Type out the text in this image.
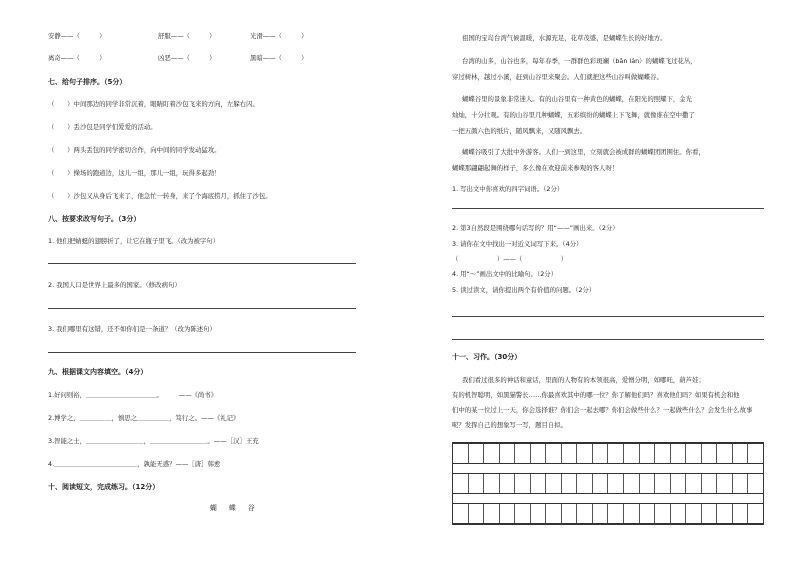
安静——（　　　）	舒服——（　　　）	光滑——（　　　）
离奇——（　　　）	凶恶——（　　　）	黑暗——（　　　）
七、给句子排序。（5分）
（　　）中间那边的同学非常沉着，眼睛盯着沙包飞来的方向，左躲右闪。
（　　）丢沙包是同学们爱爱的活动。
（　　）两头丢包的同学密切合作，向中间的同学发动猛攻。
（　　）操场的跑道边，这儿一组，那儿一组，玩得多起劲！
（　　）沙包又从身后飞来了，他急忙一转身，来了个海底捞月，抓住了沙包。
八、按要求改写句子。（3分）
1. 他们把蜻蜓的翅膀折了，让它在瓶子里飞。（改为被字句）
2. 我国人口是世界上最多的国家。（修改病句）
3. 我们哪里有这错，还不如你们是一条道？（改为陈述句）
九、根据课文内容填空。（4分）
1.好问则裕，＿＿＿＿＿＿＿＿＿＿＿。　　　——《尚书》
2.博学之，＿＿＿＿＿，慎思之＿＿＿＿＿，笃行之。——《礼记》
3.智能之士，＿＿＿＿＿＿＿＿＿，＿＿＿＿＿＿＿＿＿。——［汉］王充
4.＿＿＿＿＿＿＿＿＿＿＿＿＿，孰能无惑？——［唐］韩愈
十、阅读短文，完成练习。（12分）
蝴 蝶 谷
祖国的宝岛台湾气候温暖，水源充足，花草茂盛，是蝴蝶生长的好地方。
台湾的山多，山谷也多，每年春季，一群群色彩斑斓（bān lán）的蝴蝶飞过花丛，
穿过树林，越过小溪，赶到山谷里来聚会。人们就把这些山谷叫做蝴蝶谷。
蝴蝶谷里的景象非常迷人。有的山谷里有一种黄色的蝴蝶，在阳光的照耀下，金光
灿灿，十分壮观。有的山谷里几种蝴蝶，五彩缤纷的蝴蝶上下飞舞，就像谁在空中撒了
一把五颜六色的纸片，随风飘来，又随风飘去。
蝴蝶谷吸引了大批中外游客。人们一到这里，立刻就会被成群的蝴蝶团团围住。你看，
蝴蝶那翩翩起舞的样子，多么像在欢迎前来参观的客人呀！
1. 写出文中你喜欢的四字词语。（2分）
2. 第3自然段是围绕哪句话写的？用“——”画出来。（2分）
3. 请你在文中找出一对近义词写下来。（4分）
（　　　　　　）——（　　　　　　）
4. 用“～”画出文中的比喻句。（2分）
5. 读过读文，请你提出两个有价值的问题。（2分）
十一、习作。（30分）
我们看过很多的神话和童话，里面的人物有的本领很高，爱憎分明，如哪吒，葫芦娃；
有的机智聪明，如黑猫警长……你最喜欢其中的哪一位？你了解他们吗？喜欢他们吗？如果有机会和他
们中的某一位过上一天，你会选择谁？你们会一起去哪？你们会做些什么？一起做些什么？会发生什么故事
呢？发挥自己的想象写一写，题目自拟。
